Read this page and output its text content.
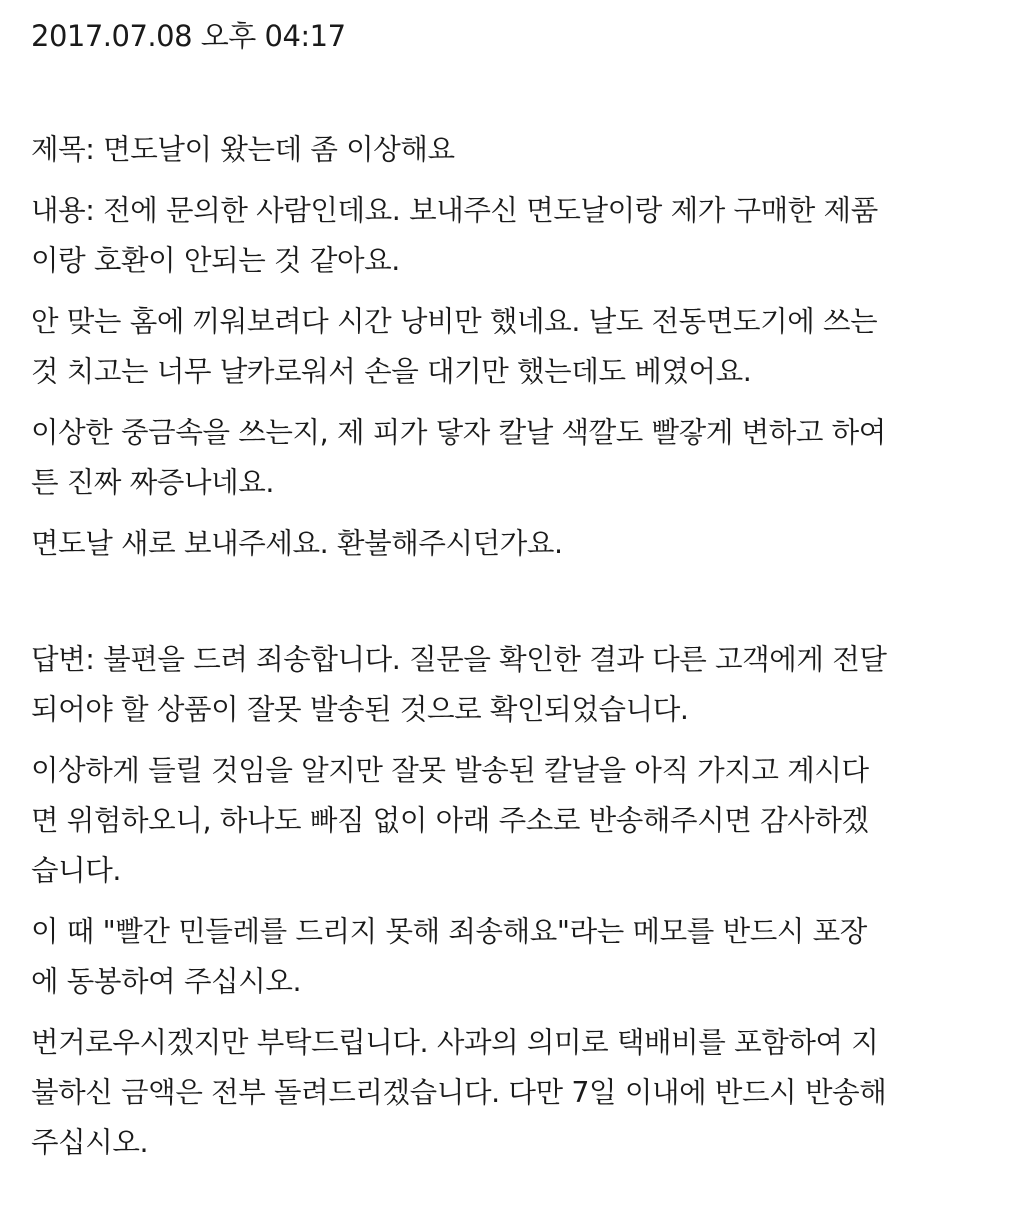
2017.07.08 오후 04:17

제목: 면도날이 왔는데 좀 이상해요

내용: 전에 문의한 사람인데요. 보내주신 면도날이랑 제가 구매한 제품
이랑 호환이 안되는 것 같아요.

안 맞는 홈에 끼워보려다 시간 낭비만 했네요. 날도 전동면도기에 쓰는
것 치고는 너무 날카로워서 손을 대기만 했는데도 베였어요.

이상한 중금속을 쓰는지, 제 피가 닿자 칼날 색깔도 빨갛게 변하고 하여
튼 진짜 짜증나네요.

면도날 새로 보내주세요. 환불해주시던가요.

답변: 불편을 드려 죄송합니다. 질문을 확인한 결과 다른 고객에게 전달
되어야 할 상품이 잘못 발송된 것으로 확인되었습니다.

이상하게 들릴 것임을 알지만 잘못 발송된 칼날을 아직 가지고 계시다
면 위험하오니, 하나도 빠짐 없이 아래 주소로 반송해주시면 감사하겠
습니다.

이 때 "빨간 민들레를 드리지 못해 죄송해요"라는 메모를 반드시 포장
에 동봉하여 주십시오.

번거로우시겠지만 부탁드립니다. 사과의 의미로 택배비를 포함하여 지
불하신 금액은 전부 돌려드리겠습니다. 다만 7일 이내에 반드시 반송해
주십시오.
